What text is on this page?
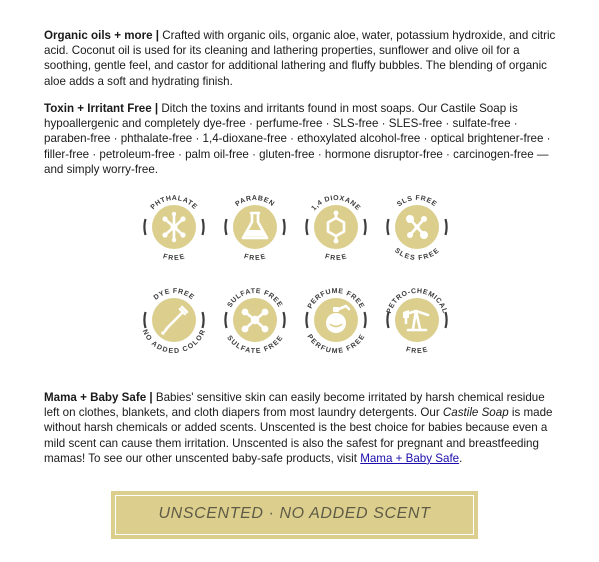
Organic oils + more | Crafted with organic oils, organic aloe, water, potassium hydroxide, and citric acid. Coconut oil is used for its cleaning and lathering properties, sunflower and olive oil for a soothing, gentle feel, and castor for additional lathering and fluffy bubbles. The blending of organic aloe adds a soft and hydrating finish.

Toxin + Irritant Free | Ditch the toxins and irritants found in most soaps. Our Castile Soap is hypoallergenic and completely dye-free · perfume-free · SLS-free · SLES-free · sulfate-free · paraben-free · phthalate-free · 1,4-dioxane-free · ethoxylated alcohol-free · optical brightener-free · filler-free · petroleum-free · palm oil-free · gluten-free · hormone disruptor-free · carcinogen-free — and simply worry-free.

PHTHALATE
FREE
PARABEN
FREE
1,4 DIOXANE
FREE
SLS FREE
SLES FREE
DYE FREE
NO ADDED COLOR
SULFATE FREE
SULFATE FREE
PERFUME FREE
PERFUME FREE
PETRO-CHEMICAL
FREE

Mama + Baby Safe | Babies' sensitive skin can easily become irritated by harsh chemical residue left on clothes, blankets, and cloth diapers from most laundry detergents. Our Castile Soap is made without harsh chemicals or added scents. Unscented is the best choice for babies because even a mild scent can cause them irritation. Unscented is also the safest for pregnant and breastfeeding mamas! To see our other unscented baby-safe products, visit Mama + Baby Safe.

UNSCENTED · NO ADDED SCENT
